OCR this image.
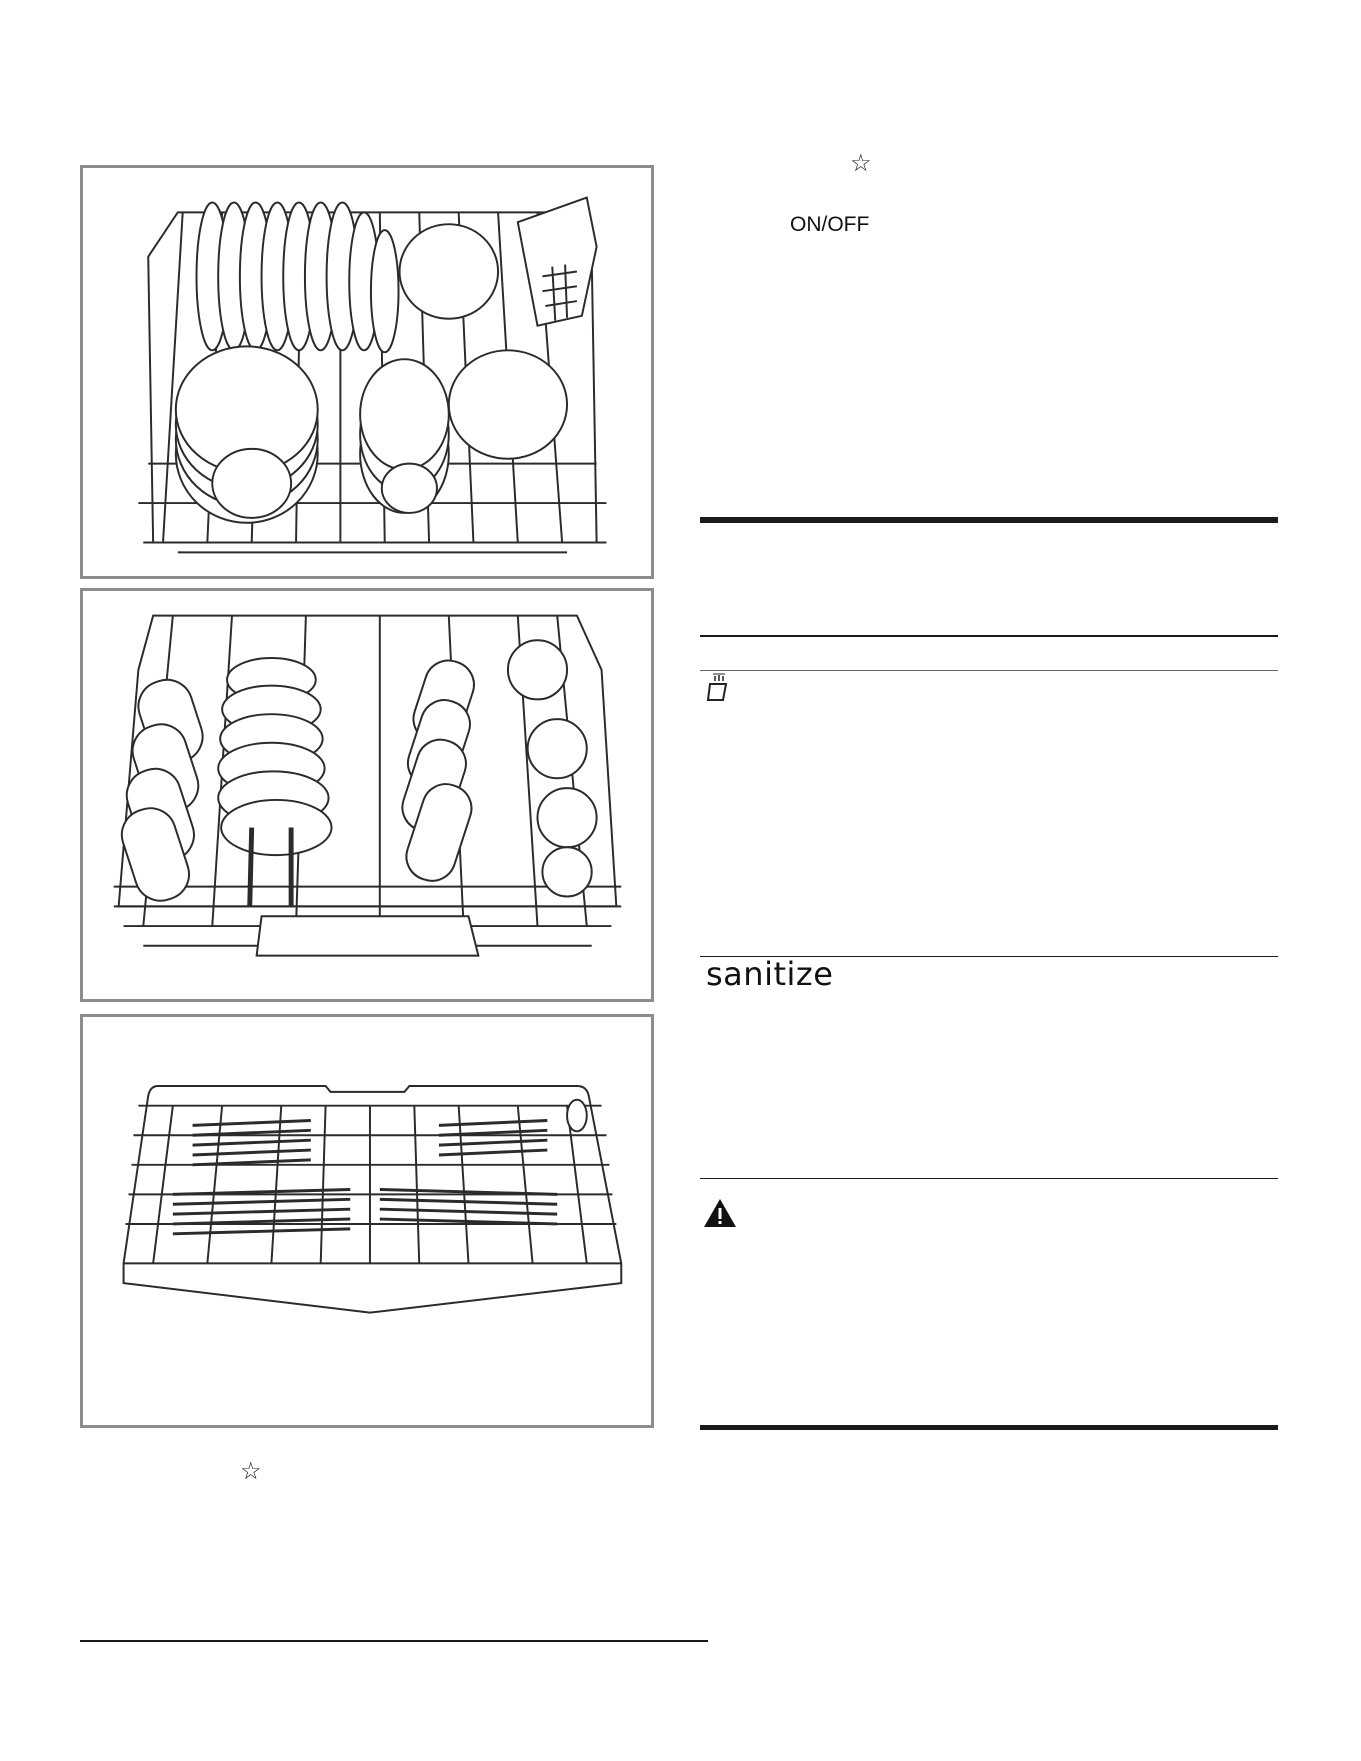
☆
☆
ON/OFF
sanitize
